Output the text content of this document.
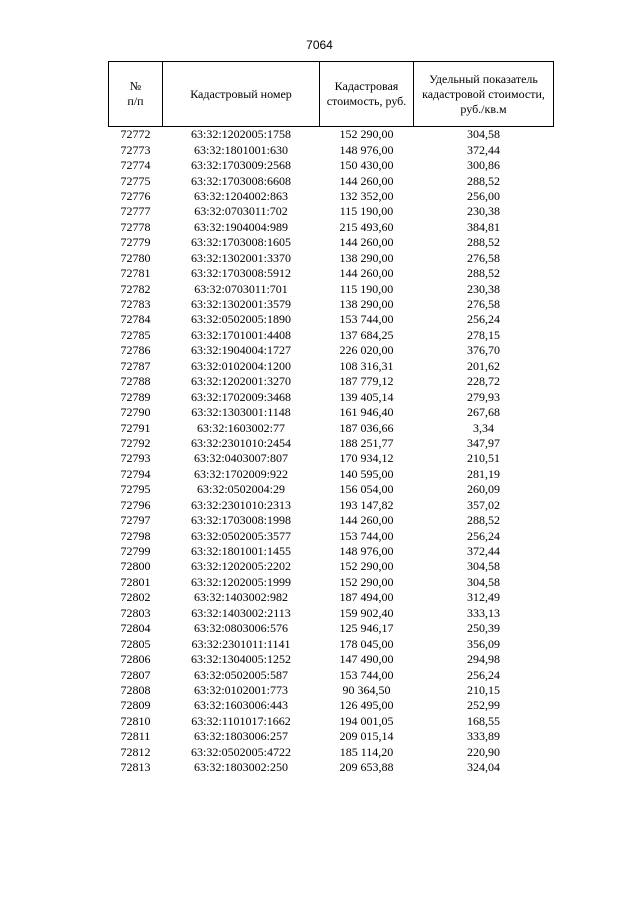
7064
№
п/п	Кадастровый номер	Кадастровая стоимость, руб.	Удельный показатель кадастровой стоимости, руб./кв.м
72772	63:32:1202005:1758	152 290,00	304,58
72773	63:32:1801001:630	148 976,00	372,44
72774	63:32:1703009:2568	150 430,00	300,86
72775	63:32:1703008:6608	144 260,00	288,52
72776	63:32:1204002:863	132 352,00	256,00
72777	63:32:0703011:702	115 190,00	230,38
72778	63:32:1904004:989	215 493,60	384,81
72779	63:32:1703008:1605	144 260,00	288,52
72780	63:32:1302001:3370	138 290,00	276,58
72781	63:32:1703008:5912	144 260,00	288,52
72782	63:32:0703011:701	115 190,00	230,38
72783	63:32:1302001:3579	138 290,00	276,58
72784	63:32:0502005:1890	153 744,00	256,24
72785	63:32:1701001:4408	137 684,25	278,15
72786	63:32:1904004:1727	226 020,00	376,70
72787	63:32:0102004:1200	108 316,31	201,62
72788	63:32:1202001:3270	187 779,12	228,72
72789	63:32:1702009:3468	139 405,14	279,93
72790	63:32:1303001:1148	161 946,40	267,68
72791	63:32:1603002:77	187 036,66	3,34
72792	63:32:2301010:2454	188 251,77	347,97
72793	63:32:0403007:807	170 934,12	210,51
72794	63:32:1702009:922	140 595,00	281,19
72795	63:32:0502004:29	156 054,00	260,09
72796	63:32:2301010:2313	193 147,82	357,02
72797	63:32:1703008:1998	144 260,00	288,52
72798	63:32:0502005:3577	153 744,00	256,24
72799	63:32:1801001:1455	148 976,00	372,44
72800	63:32:1202005:2202	152 290,00	304,58
72801	63:32:1202005:1999	152 290,00	304,58
72802	63:32:1403002:982	187 494,00	312,49
72803	63:32:1403002:2113	159 902,40	333,13
72804	63:32:0803006:576	125 946,17	250,39
72805	63:32:2301011:1141	178 045,00	356,09
72806	63:32:1304005:1252	147 490,00	294,98
72807	63:32:0502005:587	153 744,00	256,24
72808	63:32:0102001:773	90 364,50	210,15
72809	63:32:1603006:443	126 495,00	252,99
72810	63:32:1101017:1662	194 001,05	168,55
72811	63:32:1803006:257	209 015,14	333,89
72812	63:32:0502005:4722	185 114,20	220,90
72813	63:32:1803002:250	209 653,88	324,04
